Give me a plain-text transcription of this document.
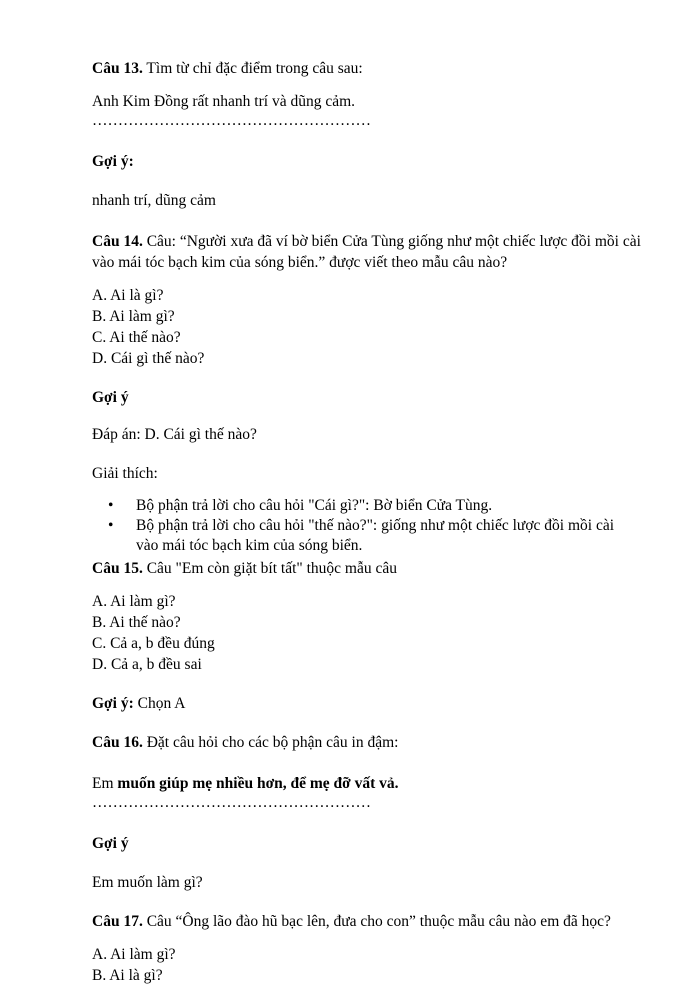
Câu 13. Tìm từ chỉ đặc điểm trong câu sau:

Anh Kim Đồng rất nhanh trí và dũng cảm.

………………………………………………

Gợi ý:

nhanh trí, dũng cảm

Câu 14. Câu: “Người xưa đã ví bờ biển Cửa Tùng giống như một chiếc lược đồi mồi cài vào mái tóc bạch kim của sóng biển.” được viết theo mẫu câu nào?

A. Ai là gì?
B. Ai làm gì?
C. Ai thế nào?
D. Cái gì thế nào?

Gợi ý

Đáp án: D. Cái gì thế nào?

Giải thích:

• Bộ phận trả lời cho câu hỏi "Cái gì?": Bờ biển Cửa Tùng.
• Bộ phận trả lời cho câu hỏi "thế nào?": giống như một chiếc lược đồi mồi cài vào mái tóc bạch kim của sóng biển.

Câu 15. Câu "Em còn giặt bít tất" thuộc mẫu câu

A. Ai làm gì?
B. Ai thế nào?
C. Cả a, b đều đúng
D. Cả a, b đều sai

Gợi ý: Chọn A

Câu 16. Đặt câu hỏi cho các bộ phận câu in đậm:

Em muốn giúp mẹ nhiều hơn, để mẹ đỡ vất vả.

………………………………………………

Gợi ý

Em muốn làm gì?

Câu 17. Câu “Ông lão đào hũ bạc lên, đưa cho con” thuộc mẫu câu nào em đã học?

A. Ai làm gì?
B. Ai là gì?
